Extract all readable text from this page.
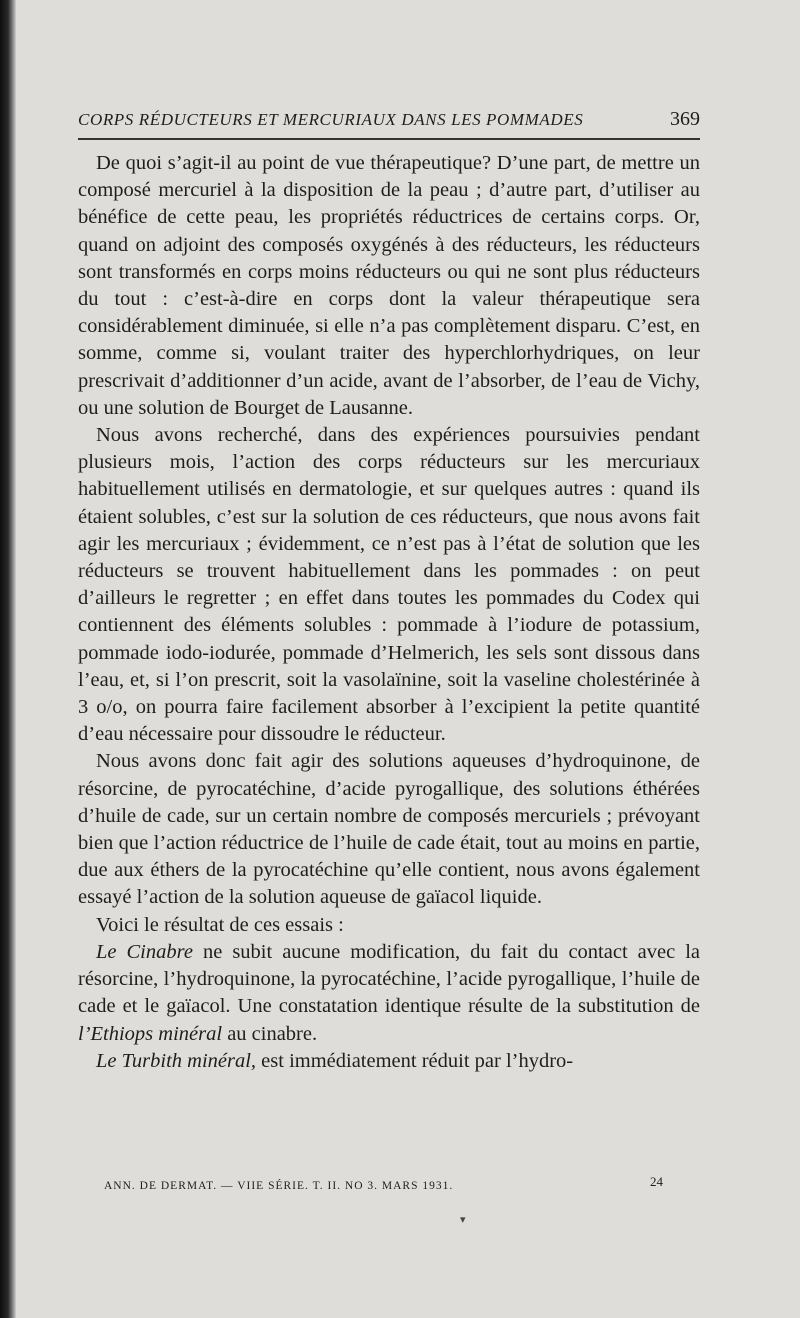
CORPS RÉDUCTEURS ET MERCURIAUX DANS LES POMMADES	369

De quoi s’agit-il au point de vue thérapeutique? D’une part, de mettre un composé mercuriel à la disposition de la peau ; d’autre part, d’utiliser au bénéfice de cette peau, les propriétés réductrices de certains corps. Or, quand on adjoint des composés oxygénés à des réducteurs, les réducteurs sont transformés en corps moins réducteurs ou qui ne sont plus réducteurs du tout : c’est-à-dire en corps dont la valeur thérapeutique sera considérablement diminuée, si elle n’a pas complètement disparu. C’est, en somme, comme si, voulant traiter des hyperchlorhydriques, on leur prescrivait d’additionner d’un acide, avant de l’absorber, de l’eau de Vichy, ou une solution de Bourget de Lausanne.

Nous avons recherché, dans des expériences poursuivies pendant plusieurs mois, l’action des corps réducteurs sur les mercuriaux habituellement utilisés en dermatologie, et sur quelques autres : quand ils étaient solubles, c’est sur la solution de ces réducteurs, que nous avons fait agir les mercuriaux ; évidemment, ce n’est pas à l’état de solution que les réducteurs se trouvent habituellement dans les pommades : on peut d’ailleurs le regretter ; en effet dans toutes les pommades du Codex qui contiennent des éléments solubles : pommade à l’iodure de potassium, pommade iodo-iodurée, pommade d’Helmerich, les sels sont dissous dans l’eau, et, si l’on prescrit, soit la vasolaïnine, soit la vaseline cholestérinée à 3 o/o, on pourra faire facilement absorber à l’excipient la petite quantité d’eau nécessaire pour dissoudre le réducteur.

Nous avons donc fait agir des solutions aqueuses d’hydroquinone, de résorcine, de pyrocatéchine, d’acide pyrogallique, des solutions éthérées d’huile de cade, sur un certain nombre de composés mercuriels ; prévoyant bien que l’action réductrice de l’huile de cade était, tout au moins en partie, due aux éthers de la pyrocatéchine qu’elle contient, nous avons également essayé l’action de la solution aqueuse de gaïacol liquide.

Voici le résultat de ces essais :

Le Cinabre ne subit aucune modification, du fait du contact avec la résorcine, l’hydroquinone, la pyrocatéchine, l’acide pyrogallique, l’huile de cade et le gaïacol. Une constatation identique résulte de la substitution de l’Ethiops minéral au cinabre.

Le Turbith minéral, est immédiatement réduit par l’hydro-

ANN. DE DERMAT. — VIIE SÉRIE. T. II. NO 3. MARS 1931.	24
▾
